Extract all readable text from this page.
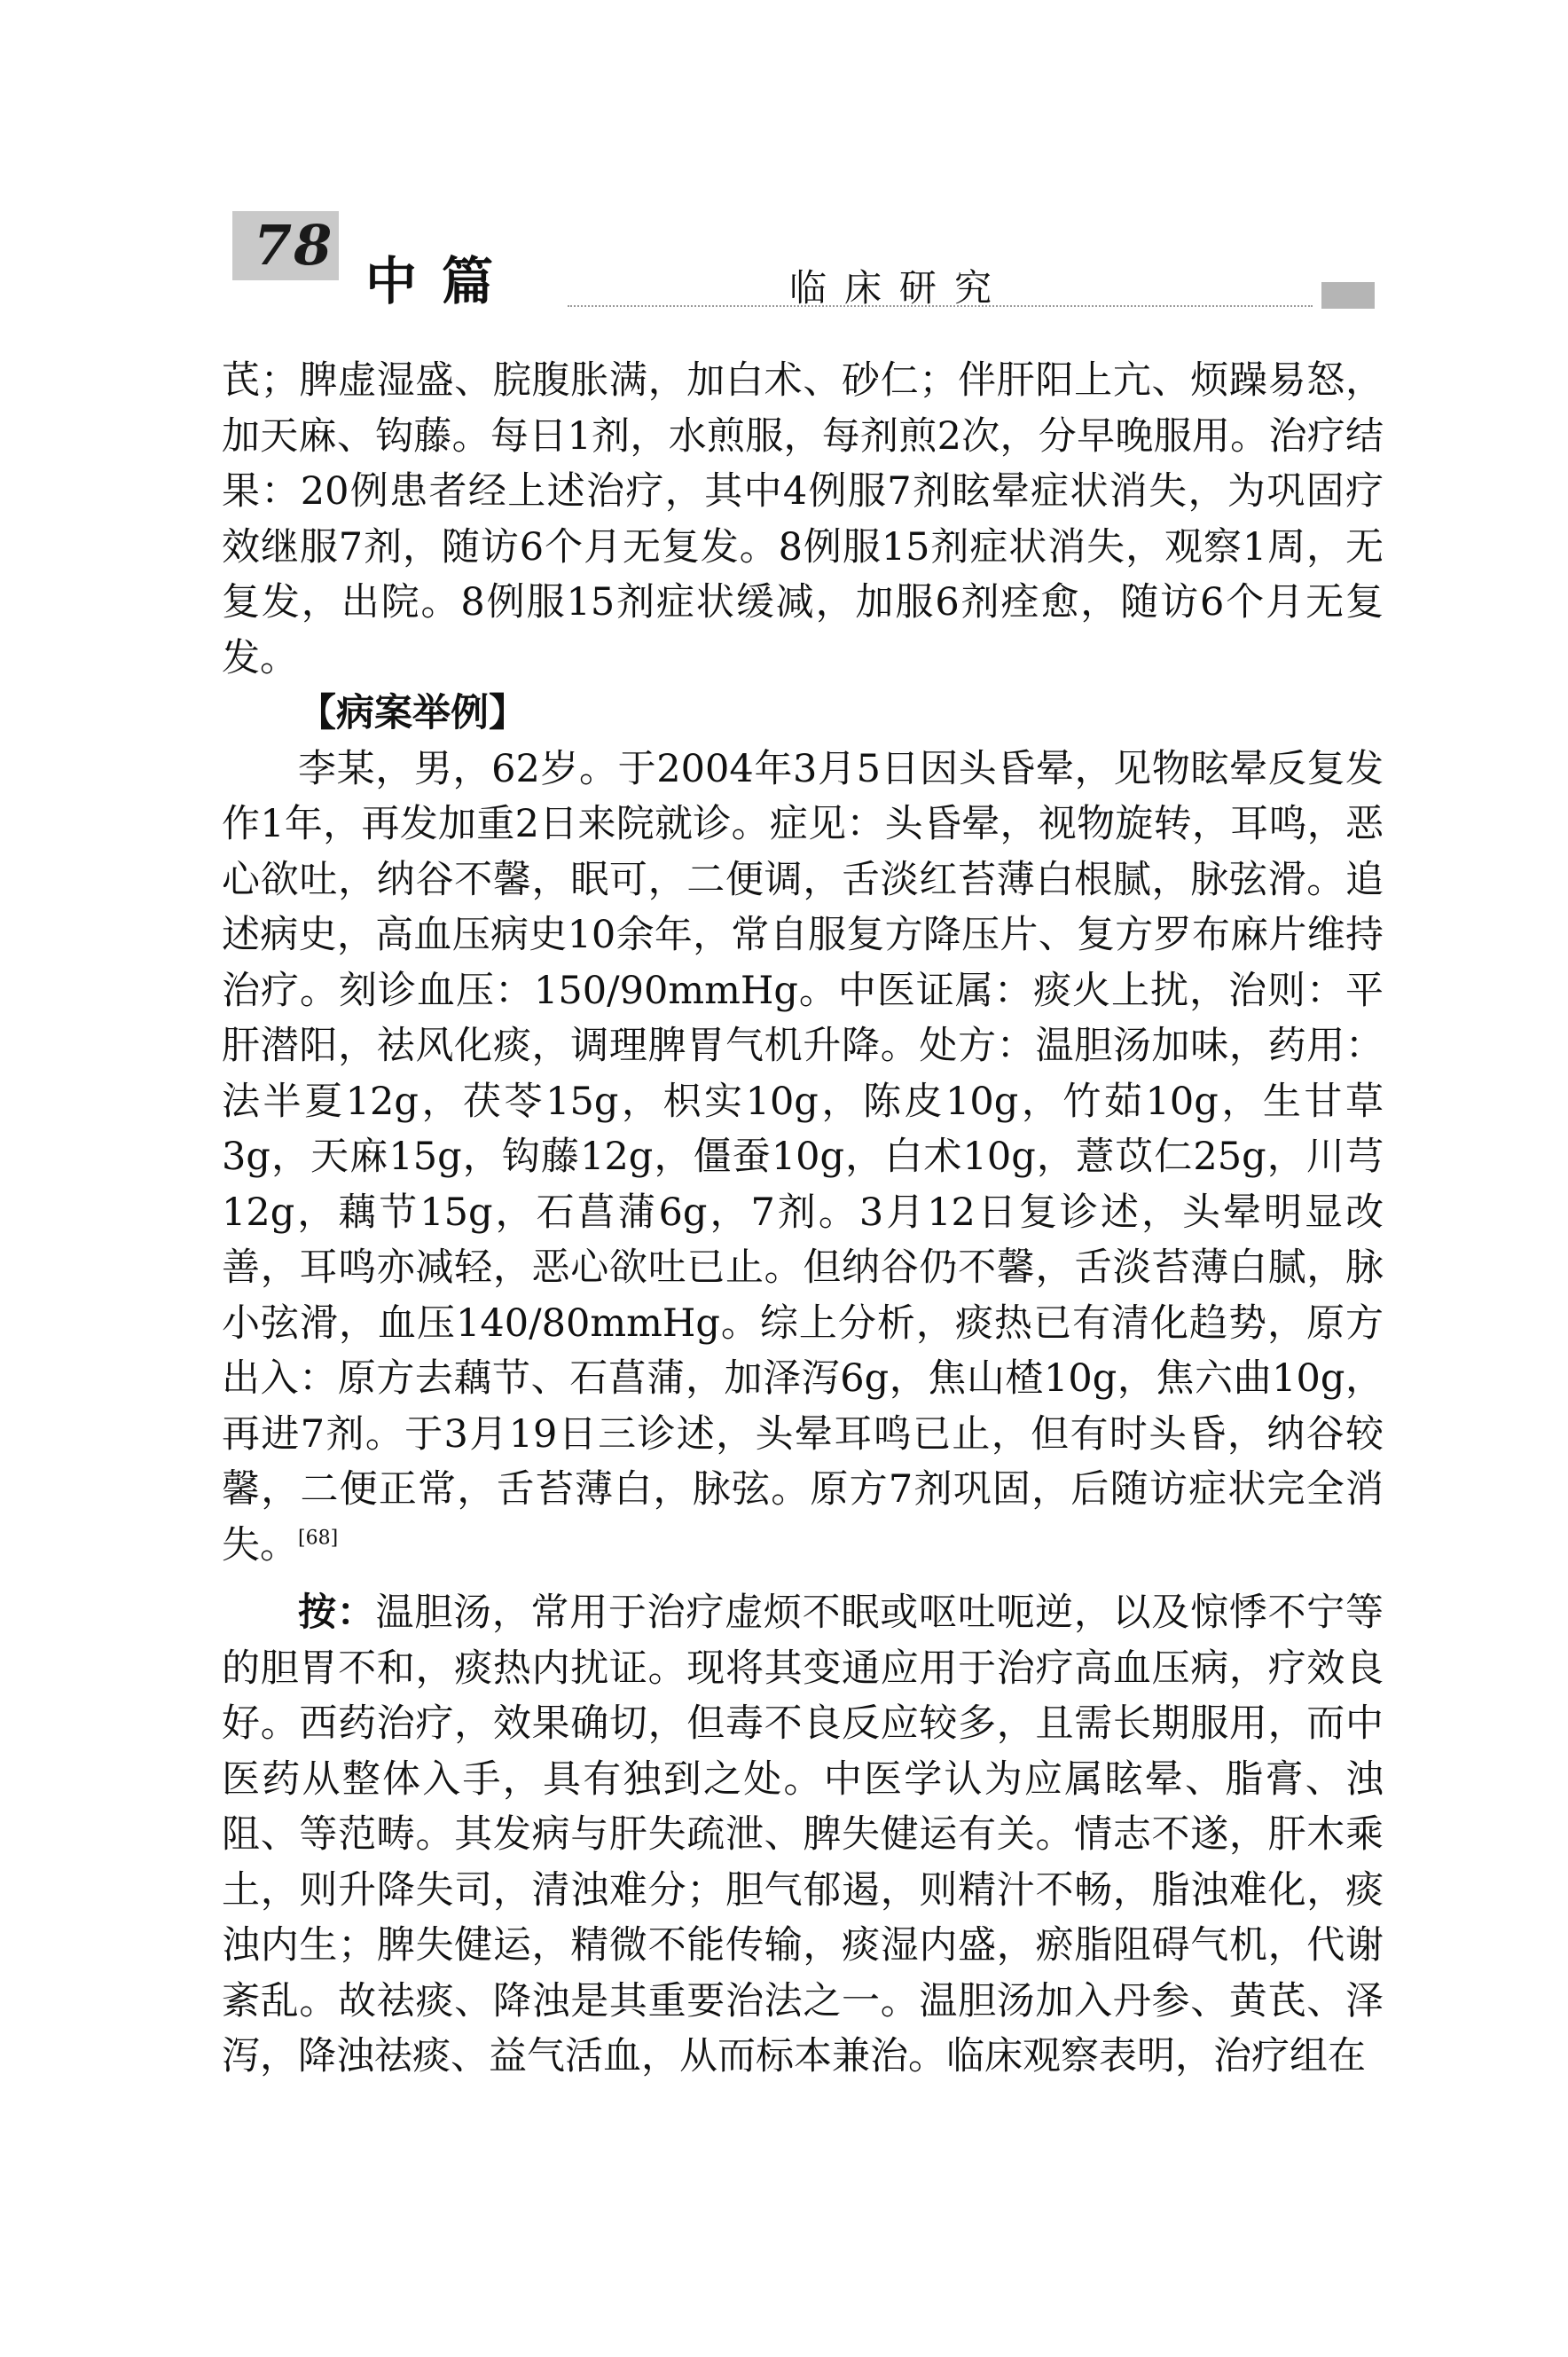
78
中篇	临床研究

芪；脾虚湿盛、脘腹胀满，加白术、砂仁；伴肝阳上亢、烦躁易怒，加天麻、钩藤。每日1剂，水煎服，每剂煎2次，分早晚服用。治疗结果：20例患者经上述治疗，其中4例服7剂眩晕症状消失，为巩固疗效继服7剂，随访6个月无复发。8例服15剂症状消失，观察1周，无复发，出院。8例服15剂症状缓减，加服6剂痊愈，随访6个月无复发。

【病案举例】

李某，男，62岁。于2004年3月5日因头昏晕，见物眩晕反复发作1年，再发加重2日来院就诊。症见：头昏晕，视物旋转，耳鸣，恶心欲吐，纳谷不馨，眠可，二便调，舌淡红苔薄白根腻，脉弦滑。追述病史，高血压病史10余年，常自服复方降压片、复方罗布麻片维持治疗。刻诊血压：150/90mmHg。中医证属：痰火上扰，治则：平肝潜阳，祛风化痰，调理脾胃气机升降。处方：温胆汤加味，药用：法半夏12g，茯苓15g，枳实10g，陈皮10g，竹茹10g，生甘草3g，天麻15g，钩藤12g，僵蚕10g，白术10g，薏苡仁25g，川芎12g，藕节15g，石菖蒲6g，7剂。3月12日复诊述，头晕明显改善，耳鸣亦减轻，恶心欲吐已止。但纳谷仍不馨，舌淡苔薄白腻，脉小弦滑，血压140/80mmHg。综上分析，痰热已有清化趋势，原方出入：原方去藕节、石菖蒲，加泽泻6g，焦山楂10g，焦六曲10g，再进7剂。于3月19日三诊述，头晕耳鸣已止，但有时头昏，纳谷较馨，二便正常，舌苔薄白，脉弦。原方7剂巩固，后随访症状完全消失。[68]

按：温胆汤，常用于治疗虚烦不眠或呕吐呃逆，以及惊悸不宁等的胆胃不和，痰热内扰证。现将其变通应用于治疗高血压病，疗效良好。西药治疗，效果确切，但毒不良反应较多，且需长期服用，而中医药从整体入手，具有独到之处。中医学认为应属眩晕、脂膏、浊阻、等范畴。其发病与肝失疏泄、脾失健运有关。情志不遂，肝木乘土，则升降失司，清浊难分；胆气郁遏，则精汁不畅，脂浊难化，痰浊内生；脾失健运，精微不能传输，痰湿内盛，瘀脂阻碍气机，代谢紊乱。故祛痰、降浊是其重要治法之一。温胆汤加入丹参、黄芪、泽泻，降浊祛痰、益气活血，从而标本兼治。临床观察表明，治疗组在
